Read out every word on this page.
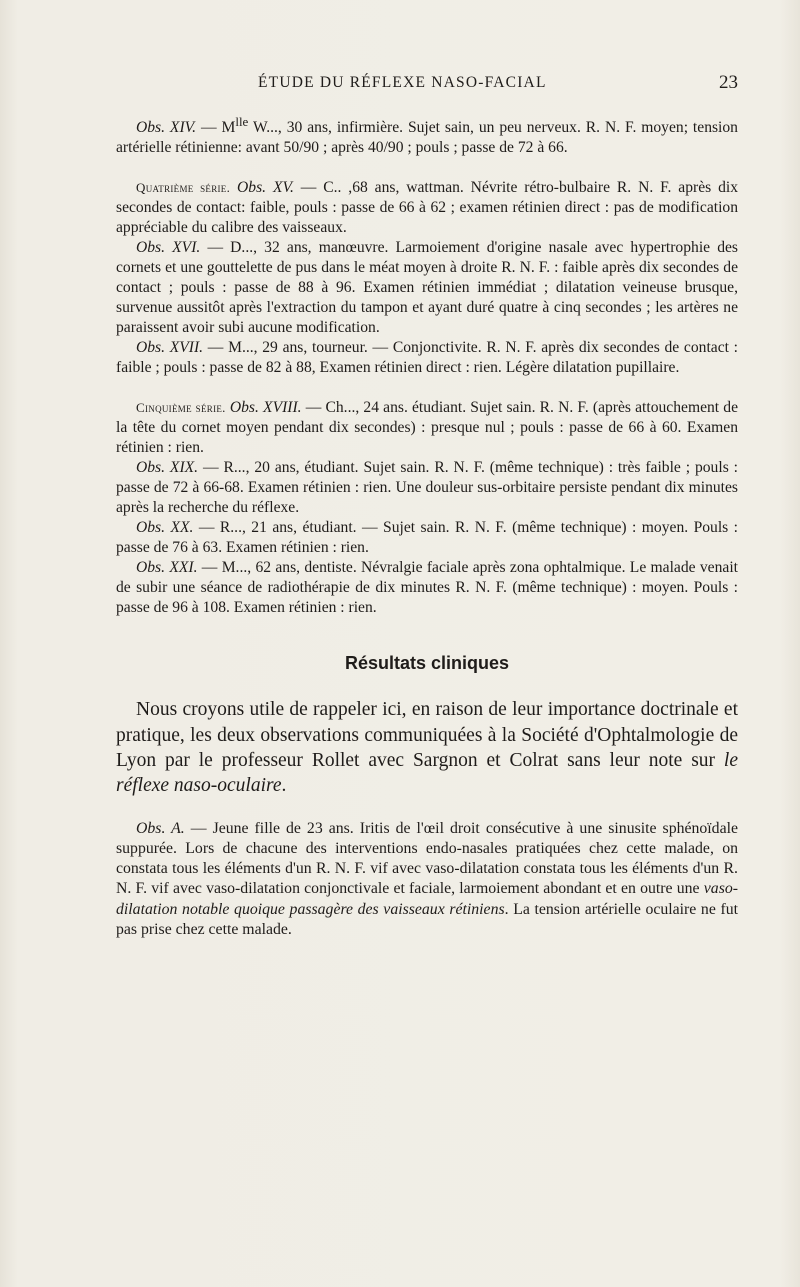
ÉTUDE DU RÉFLEXE NASO-FACIAL	23

Obs. XIV. — $M^{lle}$ W..., 30 ans, infirmière. Sujet sain, un peu nerveux. R. N. F. moyen; tension artérielle rétinienne: avant 50/90 ; après 40/90 ; pouls ; passe de 72 à 66.

Quatrième série. Obs. XV. — C.. ,68 ans, wattman. Névrite rétro-bulbaire R. N. F. après dix secondes de contact: faible, pouls : passe de 66 à 62 ; examen rétinien direct : pas de modification appréciable du calibre des vaisseaux.

Obs. XVI. — D..., 32 ans, manœuvre. Larmoiement d'origine nasale avec hypertrophie des cornets et une gouttelette de pus dans le méat moyen à droite R. N. F. : faible après dix secondes de contact ; pouls : passe de 88 à 96. Examen rétinien immédiat ; dilatation veineuse brusque, survenue aussitôt après l'extraction du tampon et ayant duré quatre à cinq secondes ; les artères ne paraissent avoir subi aucune modification.

Obs. XVII. — M..., 29 ans, tourneur. — Conjonctivite. R. N. F. après dix secondes de contact : faible ; pouls : passe de 82 à 88, Examen rétinien direct : rien. Légère dilatation pupillaire.

Cinquième série. Obs. XVIII. — Ch..., 24 ans. étudiant. Sujet sain. R. N. F. (après attouchement de la tête du cornet moyen pendant dix secondes) : presque nul ; pouls : passe de 66 à 60. Examen rétinien : rien.

Obs. XIX. — R..., 20 ans, étudiant. Sujet sain. R. N. F. (même technique) : très faible ; pouls : passe de 72 à 66-68. Examen rétinien : rien. Une douleur sus-orbitaire persiste pendant dix minutes après la recherche du réflexe.

Obs. XX. — R..., 21 ans, étudiant. — Sujet sain. R. N. F. (même technique) : moyen. Pouls : passe de 76 à 63. Examen rétinien : rien.

Obs. XXI. — M..., 62 ans, dentiste. Névralgie faciale après zona ophtalmique. Le malade venait de subir une séance de radiothérapie de dix minutes R. N. F. (même technique) : moyen. Pouls : passe de 96 à 108. Examen rétinien : rien.

Résultats cliniques

Nous croyons utile de rappeler ici, en raison de leur importance doctrinale et pratique, les deux observations communiquées à la Société d'Ophtalmologie de Lyon par le professeur Rollet avec Sargnon et Colrat sans leur note sur le réflexe naso-oculaire.

Obs. A. — Jeune fille de 23 ans. Iritis de l'œil droit consécutive à une sinusite sphénoïdale suppurée. Lors de chacune des interventions endo-nasales pratiquées chez cette malade, on constata tous les éléments d'un R. N. F. vif avec vaso-dilatation constata tous les éléments d'un R. N. F. vif avec vaso-dilatation conjonctivale et faciale, larmoiement abondant et en outre une vaso-dilatation notable quoique passagère des vaisseaux rétiniens. La tension artérielle oculaire ne fut pas prise chez cette malade.
